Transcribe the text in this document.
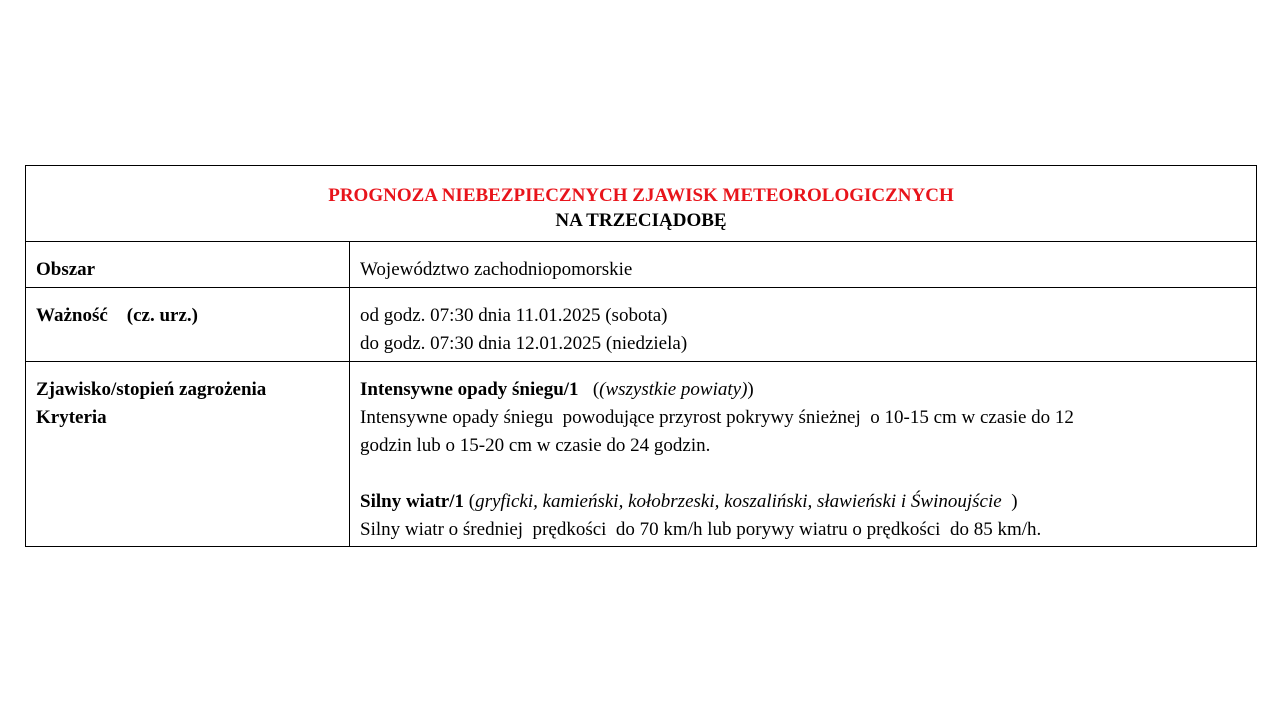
PROGNOZA NIEBEZPIECZNYCH ZJAWISK METEOROLOGICZNYCH
NA TRZECIĄDOBĘ
Obszar	Województwo zachodniopomorskie
Ważność    (cz. urz.)	od godz. 07:30 dnia 11.01.2025 (sobota)
do godz. 07:30 dnia 12.01.2025 (niedziela)
Zjawisko/stopień zagrożenia
Kryteria
Intensywne opady śniegu/1 ((wszystkie powiaty))
Intensywne opady śniegu  powodujące przyrost pokrywy śnieżnej  o 10-15 cm w czasie do 12
godzin lub o 15-20 cm w czasie do 24 godzin.
Silny wiatr/1 (gryficki, kamieński, kołobrzeski, koszaliński, sławieński i Świnoujście  )
Silny wiatr o średniej  prędkości  do 70 km/h lub porywy wiatru o prędkości  do 85 km/h.
